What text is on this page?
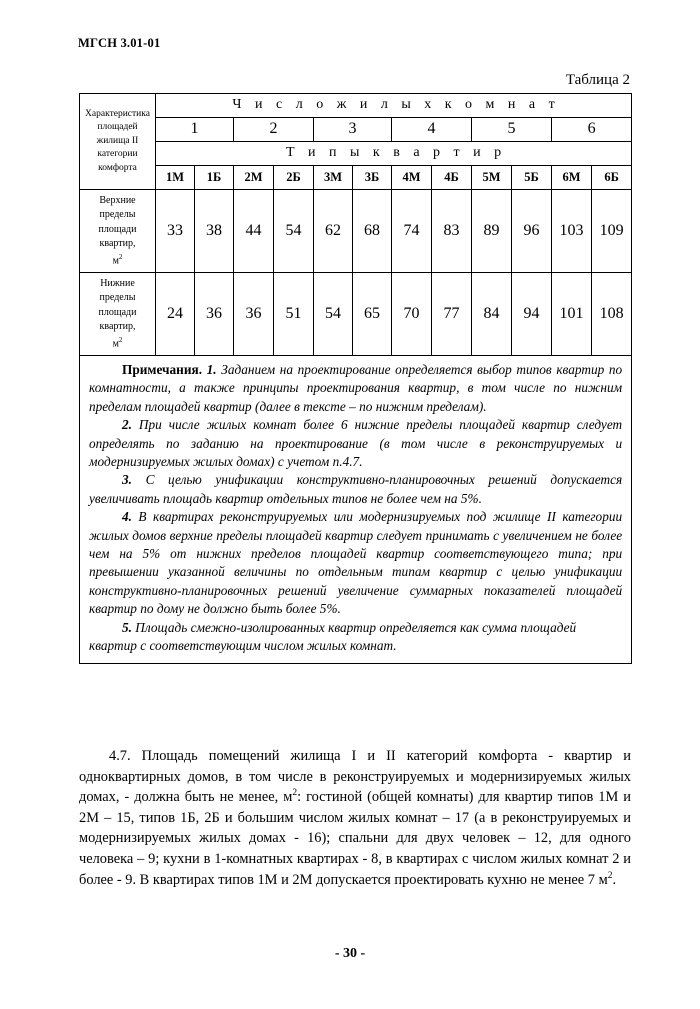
МГСН 3.01-01
Таблица 2
Характеристика площадей жилища II категории комфорта	Ч и с л о ж и л ы х к о м н а т											
	1		2		3		4		5		6	
	Т и п ы к в а р т и р											
	1М	1Б	2М	2Б	3М	3Б	4М	4Б	5М	5Б	6М	6Б
Верхние
пределы
площади
квартир,
$м^2$	33	38	44	54	62	68	74	83	89	96	103	109
Нижние
пределы
площади
квартир,
$м^2$	24	36	36	51	54	65	70	77	84	94	101	108

Примечания. 1. Заданием на проектирование определяется выбор типов квартир по комнатности, а также принципы проектирования квартир, в том числе по нижним пределам площадей квартир (далее в тексте – по нижним пределам).

2. При числе жилых комнат более 6 нижние пределы площадей квартир следует определять по заданию на проектирование (в том числе в реконструируемых и модернизируемых жилых домах) с учетом п.4.7.

3. С целью унификации конструктивно-планировочных решений допускается увеличивать площадь квартир отдельных типов не более чем на 5%.

4. В квартирах реконструируемых или модернизируемых под жилище II категории жилых домов верхние пределы площадей квартир следует принимать с увеличением не более чем на 5% от нижних пределов площадей квартир соответствующего типа; при превышении указанной величины по отдельным типам квартир с целью унификации конструктивно-планировочных решений увеличение суммарных показателей площадей квартир по дому не должно быть более 5%.

5. Площадь смежно-изолированных квартир определяется как сумма площадей квартир с соответствующим числом жилых комнат.												

4.7. Площадь помещений жилища I и II категорий комфорта - квартир и одноквартирных домов, в том числе в реконструируемых и модернизируемых жилых домах, - должна быть не менее, $м^2$: гостиной (общей комнаты) для квартир типов 1М и 2М – 15, типов 1Б, 2Б и большим числом жилых комнат – 17 (а в реконструируемых и модернизируемых жилых домах - 16); спальни для двух человек – 12, для одного человека – 9; кухни в 1-комнатных квартирах - 8, в квартирах с числом жилых комнат 2 и более - 9. В квартирах типов 1М и 2М допускается проектировать кухню не менее 7 $м^2$.
- 30 -
